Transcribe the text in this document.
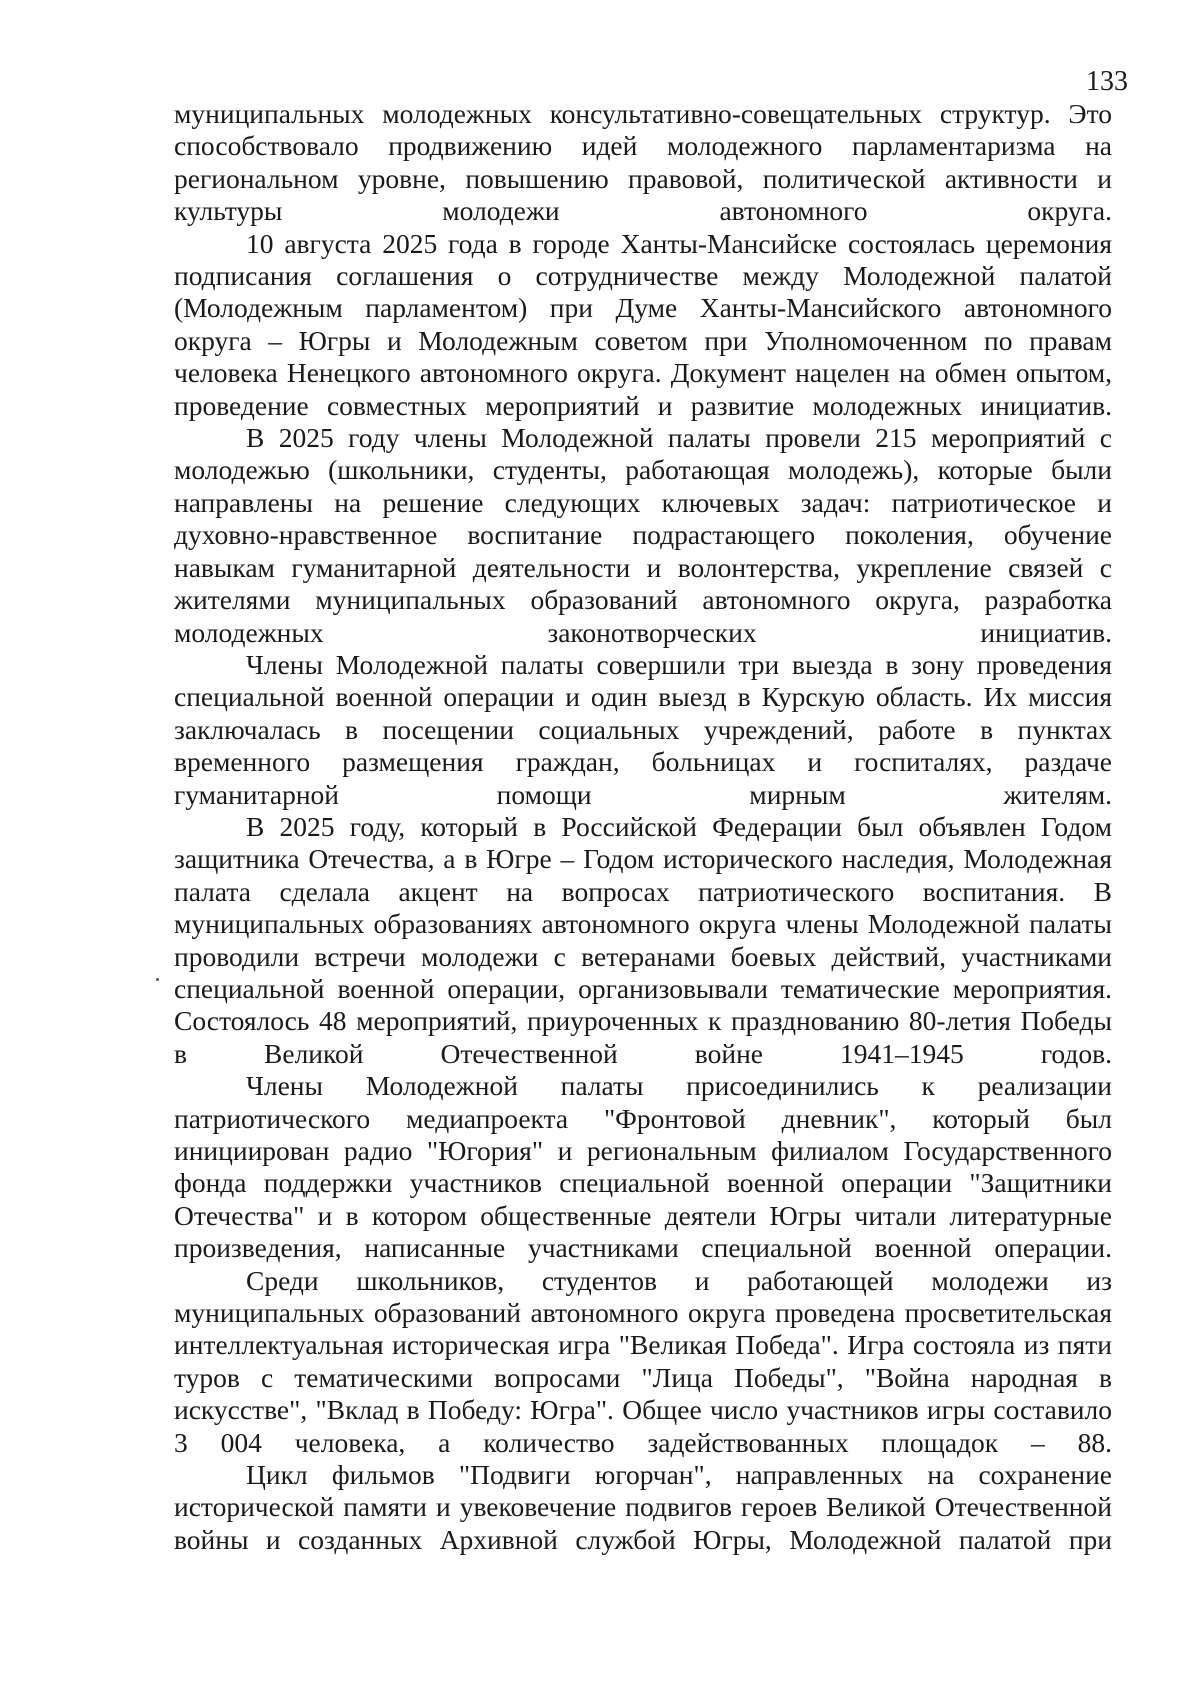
133

муниципальных молодежных консультативно-совещательных структур. Это способствовало продвижению идей молодежного парламентаризма на региональном уровне, повышению правовой, политической активности и культуры молодежи автономного округа.

10 августа 2025 года в городе Ханты-Мансийске состоялась церемония подписания соглашения о сотрудничестве между Молодежной палатой (Молодежным парламентом) при Думе Ханты-Мансийского автономного округа – Югры и Молодежным советом при Уполномоченном по правам человека Ненецкого автономного округа. Документ нацелен на обмен опытом, проведение совместных мероприятий и развитие молодежных инициатив.

В 2025 году члены Молодежной палаты провели 215 мероприятий с молодежью (школьники, студенты, работающая молодежь), которые были направлены на решение следующих ключевых задач: патриотическое и духовно-нравственное воспитание подрастающего поколения, обучение навыкам гуманитарной деятельности и волонтерства, укрепление связей с жителями муниципальных образований автономного округа, разработка молодежных законотворческих инициатив.

Члены Молодежной палаты совершили три выезда в зону проведения специальной военной операции и один выезд в Курскую область. Их миссия заключалась в посещении социальных учреждений, работе в пунктах временного размещения граждан, больницах и госпиталях, раздаче гуманитарной помощи мирным жителям.

В 2025 году, который в Российской Федерации был объявлен Годом защитника Отечества, а в Югре – Годом исторического наследия, Молодежная палата сделала акцент на вопросах патриотического воспитания. В муниципальных образованиях автономного округа члены Молодежной палаты проводили встречи молодежи с ветеранами боевых действий, участниками специальной военной операции, организовывали тематические мероприятия. Состоялось 48 мероприятий, приуроченных к празднованию 80-летия Победы в Великой Отечественной войне 1941–1945 годов.

Члены Молодежной палаты присоединились к реализации патриотического медиапроекта "Фронтовой дневник", который был инициирован радио "Югория" и региональным филиалом Государственного фонда поддержки участников специальной военной операции "Защитники Отечества" и в котором общественные деятели Югры читали литературные произведения, написанные участниками специальной военной операции.

Среди школьников, студентов и работающей молодежи из муниципальных образований автономного округа проведена просветительская интеллектуальная историческая игра "Великая Победа". Игра состояла из пяти туров с тематическими вопросами "Лица Победы", "Война народная в искусстве", "Вклад в Победу: Югра". Общее число участников игры составило 3 004 человека, а количество задействованных площадок – 88.

Цикл фильмов "Подвиги югорчан", направленных на сохранение исторической памяти и увековечение подвигов героев Великой Отечественной войны и созданных Архивной службой Югры, Молодежной палатой при
